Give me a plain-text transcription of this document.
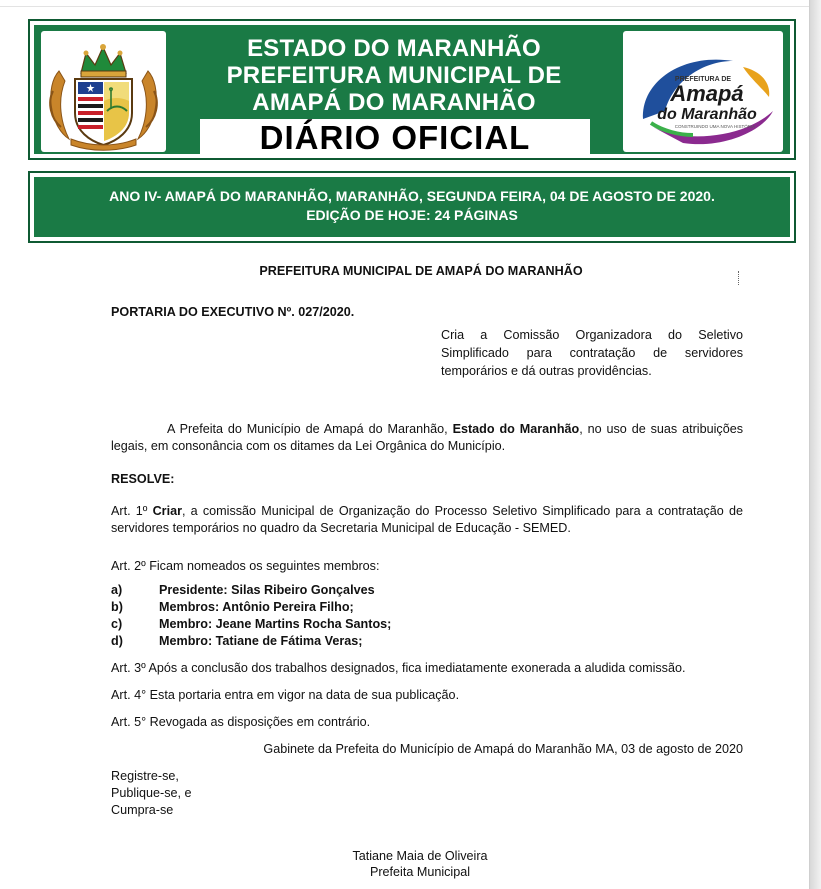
ESTADO DO MARANHÃO
PREFEITURA MUNICIPAL DE
AMAPÁ DO MARANHÃO
DIÁRIO OFICIAL
PREFEITURA DE
Amapá
do Maranhão
CONSTRUINDO UMA NOVA HISTÓRIA
ANO IV- AMAPÁ DO MARANHÃO, MARANHÃO, SEGUNDA FEIRA, 04 DE AGOSTO DE 2020.
EDIÇÃO DE HOJE: 24 PÁGINAS
PREFEITURA MUNICIPAL DE AMAPÁ DO MARANHÃO
PORTARIA DO EXECUTIVO Nº. 027/2020.
Cria a Comissão Organizadora do Seletivo
Simplificado para contratação de servidores
temporários e dá outras providências.
A Prefeita do Município de Amapá do Maranhão, Estado do Maranhão, no uso de suas atribuições
legais, em consonância com os ditames da Lei Orgânica do Município.
RESOLVE:
Art. 1º Criar, a comissão Municipal de Organização do Processo Seletivo Simplificado para a contratação de
servidores temporários no quadro da Secretaria Municipal de Educação - SEMED.
Art. 2º Ficam nomeados os seguintes membros:
a)	Presidente: Silas Ribeiro Gonçalves
b)	Membros: Antônio Pereira Filho;
c)	Membro: Jeane Martins Rocha Santos;
d)	Membro: Tatiane de Fátima Veras;
Art. 3º Após a conclusão dos trabalhos designados, fica imediatamente exonerada a aludida comissão.
Art. 4° Esta portaria entra em vigor na data de sua publicação.
Art. 5° Revogada as disposições em contrário.
Gabinete da Prefeita do Município de Amapá do Maranhão MA, 03 de agosto de 2020
Registre-se,
Publique-se, e
Cumpra-se
Tatiane Maia de Oliveira
Prefeita Municipal
